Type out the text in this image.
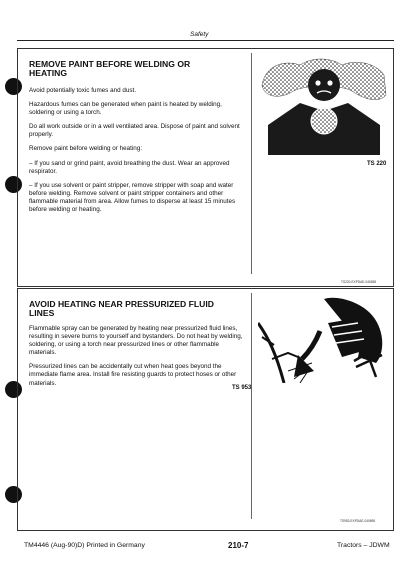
Safety
REMOVE PAINT BEFORE WELDING OR HEATING

Avoid potentially toxic fumes and dust.

Hazardous fumes can be generated when paint is heated by welding, soldering or using a torch.

Do all work outside or in a well ventilated area. Dispose of paint and solvent properly.

Remove paint before welding or heating:

– If you sand or grind paint, avoid breathing the dust. Wear an approved respirator.

– If you use solvent or paint stripper, remove stripper with soap and water before welding. Remove solvent or paint stripper containers and other flammable material from area. Allow fumes to disperse at least 15 minutes before welding or heating.

TS 220
TS220-EXPDAE-040698
AVOID HEATING NEAR PRESSURIZED FLUID LINES

Flammable spray can be generated by heating near pressurized fluid lines, resulting in severe burns to yourself and bystanders. Do not heat by welding, soldering, or using a torch near pressurized lines or other flammable materials.

Pressurized lines can be accidentally cut when heat goes beyond the immediate flame area. Install fire resisting guards to protect hoses or other materials.

TS 953
TS953-EXPDAE-040698
TM4446 (Aug-90)D) Printed in Germany	210-7	Tractors – JDWM
